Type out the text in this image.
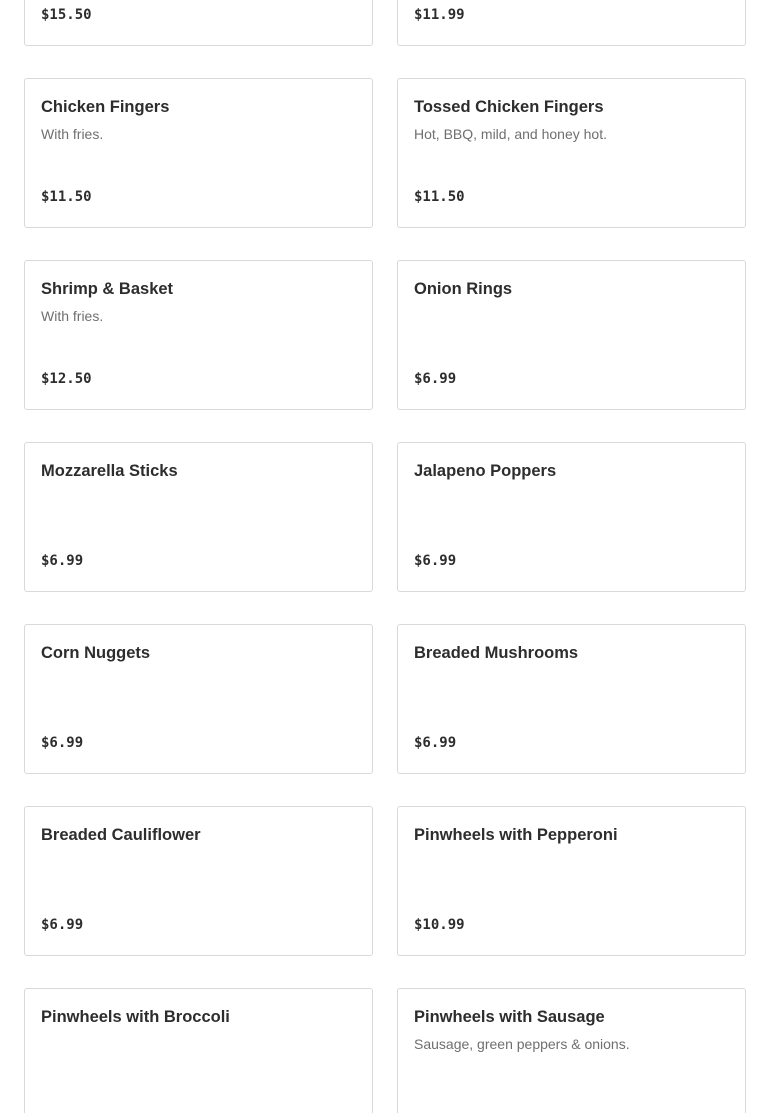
$15.50	$11.99
Chicken Fingers
With fries.
$11.50
Tossed Chicken Fingers
Hot, BBQ, mild, and honey hot.
$11.50
Shrimp & Basket
With fries.
$12.50
Onion Rings
$6.99
Mozzarella Sticks
$6.99
Jalapeno Poppers
$6.99
Corn Nuggets
$6.99
Breaded Mushrooms
$6.99
Breaded Cauliflower
$6.99
Pinwheels with Pepperoni
$10.99
Pinwheels with Broccoli	Pinwheels with Sausage
Sausage, green peppers & onions.
